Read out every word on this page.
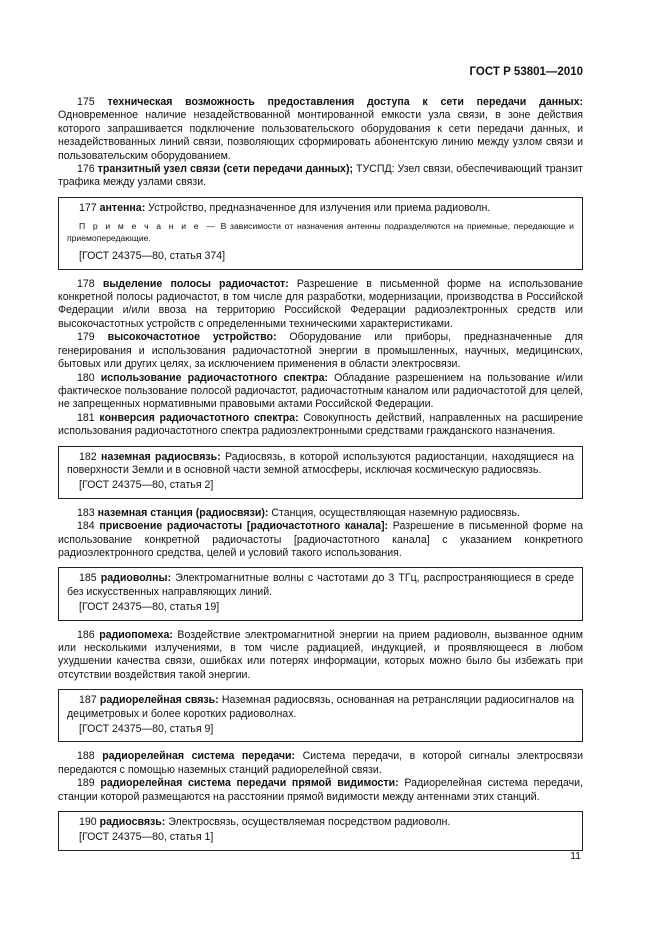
ГОСТ Р 53801—2010

175 техническая возможность предоставления доступа к сети передачи данных: Одновременное наличие незадействованной монтированной емкости узла связи, в зоне действия которого запрашивается подключение пользовательского оборудования к сети передачи данных, и незадействованных линий связи, позволяющих сформировать абонентскую линию между узлом связи и пользовательским оборудованием.

176 транзитный узел связи (сети передачи данных); ТУСПД: Узел связи, обеспечивающий транзит трафика между узлами связи.

177 антенна: Устройство, предназначенное для излучения или приема радиоволн.

П р и м е ч а н и е — В зависимости от назначения антенны подразделяются на приемные, передающие и приемопередающие.

[ГОСТ 24375—80, статья 374]

178 выделение полосы радиочастот: Разрешение в письменной форме на использование конкретной полосы радиочастот, в том числе для разработки, модернизации, производства в Российской Федерации и/или ввоза на территорию Российской Федерации радиоэлектронных средств или высокочастотных устройств с определенными техническими характеристиками.

179 высокочастотное устройство: Оборудование или приборы, предназначенные для генерирования и использования радиочастотной энергии в промышленных, научных, медицинских, бытовых или других целях, за исключением применения в области электросвязи.

180 использование радиочастотного спектра: Обладание разрешением на пользование и/или фактическое пользование полосой радиочастот, радиочастотным каналом или радиочастотой для целей, не запрещенных нормативными правовыми актами Российской Федерации.

181 конверсия радиочастотного спектра: Совокупность действий, направленных на расширение использования радиочастотного спектра радиоэлектронными средствами гражданского назначения.

182 наземная радиосвязь: Радиосвязь, в которой используются радиостанции, находящиеся на поверхности Земли и в основной части земной атмосферы, исключая космическую радиосвязь.

[ГОСТ 24375—80, статья 2]

183 наземная станция (радиосвязи): Станция, осуществляющая наземную радиосвязь.

184 присвоение радиочастоты [радиочастотного канала]: Разрешение в письменной форме на использование конкретной радиочастоты [радиочастотного канала] с указанием конкретного радиоэлектронного средства, целей и условий такого использования.

185 радиоволны: Электромагнитные волны с частотами до 3 ТГц, распространяющиеся в среде без искусственных направляющих линий.

[ГОСТ 24375—80, статья 19]

186 радиопомеха: Воздействие электромагнитной энергии на прием радиоволн, вызванное одним или несколькими излучениями, в том числе радиацией, индукцией, и проявляющееся в любом ухудшении качества связи, ошибках или потерях информации, которых можно было бы избежать при отсутствии воздействия такой энергии.

187 радиорелейная связь: Наземная радиосвязь, основанная на ретрансляции радиосигналов на дециметровых и более коротких радиоволнах.

[ГОСТ 24375—80, статья 9]

188 радиорелейная система передачи: Система передачи, в которой сигналы электросвязи передаются с помощью наземных станций радиорелейной связи.

189 радиорелейная система передачи прямой видимости: Радиорелейная система передачи, станции которой размещаются на расстоянии прямой видимости между антеннами этих станций.

190 радиосвязь: Электросвязь, осуществляемая посредством радиоволн.

[ГОСТ 24375—80, статья 1]
11
